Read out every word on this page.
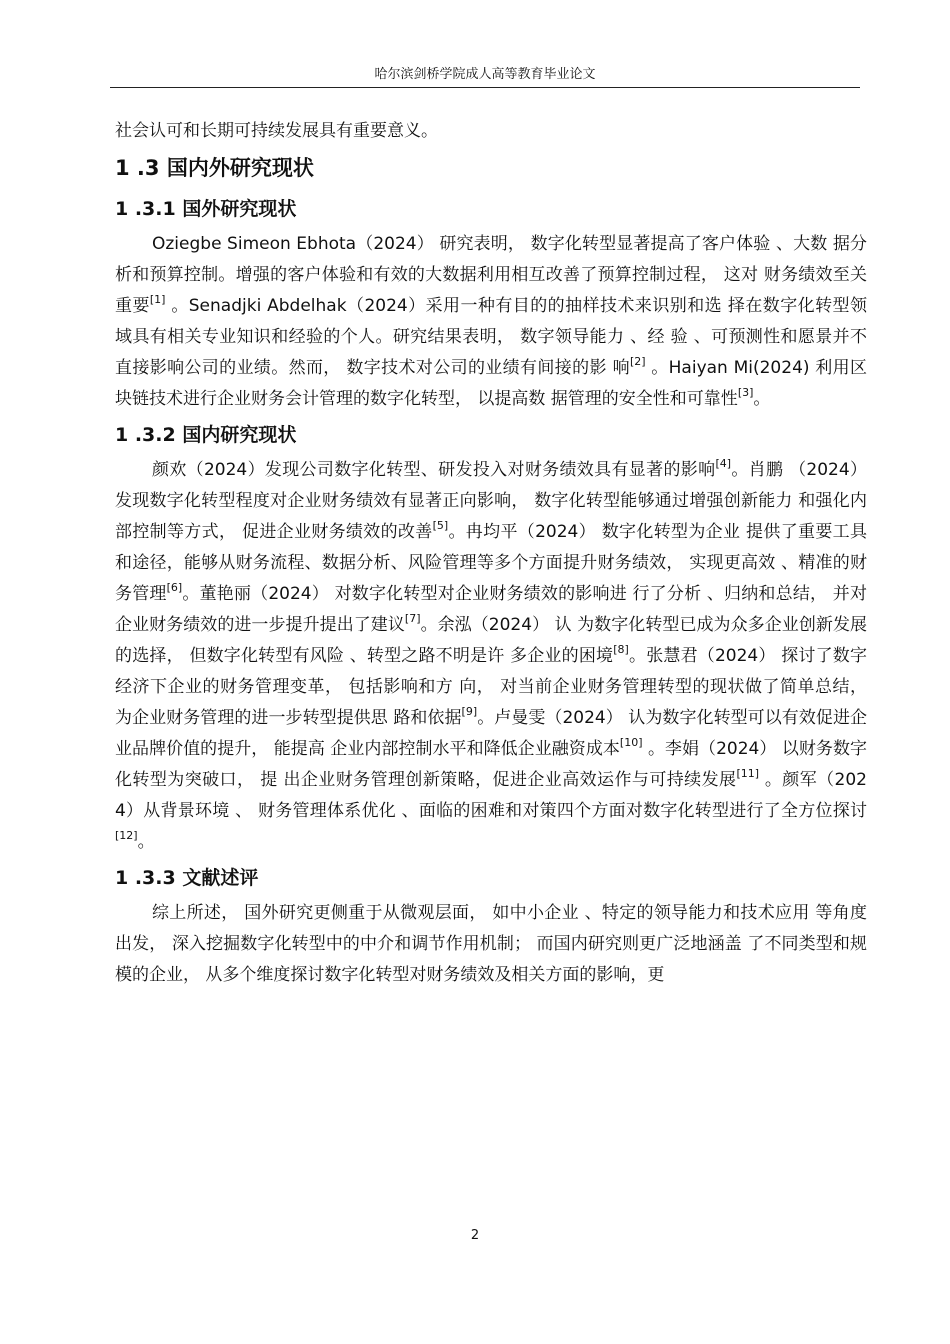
哈尔滨剑桥学院成人高等教育毕业论文

社会认可和长期可持续发展具有重要意义。

1 .3 国内外研究现状
1 .3.1 国外研究现状

Oziegbe Simeon Ebhota（2024） 研究表明， 数字化转型显著提高了客户体验 、大数 据分析和预算控制。增强的客户体验和有效的大数据利用相互改善了预算控制过程， 这对 财务绩效至关重要[1] 。Senadjki Abdelhak（2024）采用一种有目的的抽样技术来识别和选 择在数字化转型领域具有相关专业知识和经验的个人。研究结果表明， 数字领导能力 、经 验 、可预测性和愿景并不直接影响公司的业绩。然而， 数字技术对公司的业绩有间接的影 响[2] 。Haiyan Mi(2024) 利用区块链技术进行企业财务会计管理的数字化转型， 以提高数 据管理的安全性和可靠性[3]。

1 .3.2 国内研究现状

颜欢（2024）发现公司数字化转型、研发投入对财务绩效具有显著的影响[4]。肖鹏 （2024） 发现数字化转型程度对企业财务绩效有显著正向影响， 数字化转型能够通过增强创新能力 和强化内部控制等方式， 促进企业财务绩效的改善[5]。冉均平（2024） 数字化转型为企业 提供了重要工具和途径，能够从财务流程、数据分析、风险管理等多个方面提升财务绩效， 实现更高效 、精准的财务管理[6]。董艳丽（2024） 对数字化转型对企业财务绩效的影响进 行了分析 、归纳和总结， 并对企业财务绩效的进一步提升提出了建议[7]。余泓（2024） 认 为数字化转型已成为众多企业创新发展的选择， 但数字化转型有风险 、转型之路不明是许 多企业的困境[8]。张慧君（2024） 探讨了数字经济下企业的财务管理变革， 包括影响和方 向， 对当前企业财务管理转型的现状做了简单总结， 为企业财务管理的进一步转型提供思 路和依据[9]。卢曼雯（2024） 认为数字化转型可以有效促进企业品牌价值的提升， 能提高 企业内部控制水平和降低企业融资成本[10] 。李娟（2024） 以财务数字化转型为突破口， 提 出企业财务管理创新策略，促进企业高效运作与可持续发展[11] 。颜军（2024）从背景环境 、 财务管理体系优化 、面临的困难和对策四个方面对数字化转型进行了全方位探讨[12]。

1 .3.3 文献述评

综上所述， 国外研究更侧重于从微观层面， 如中小企业 、特定的领导能力和技术应用 等角度出发， 深入挖掘数字化转型中的中介和调节作用机制； 而国内研究则更广泛地涵盖 了不同类型和规模的企业， 从多个维度探讨数字化转型对财务绩效及相关方面的影响，更

2
